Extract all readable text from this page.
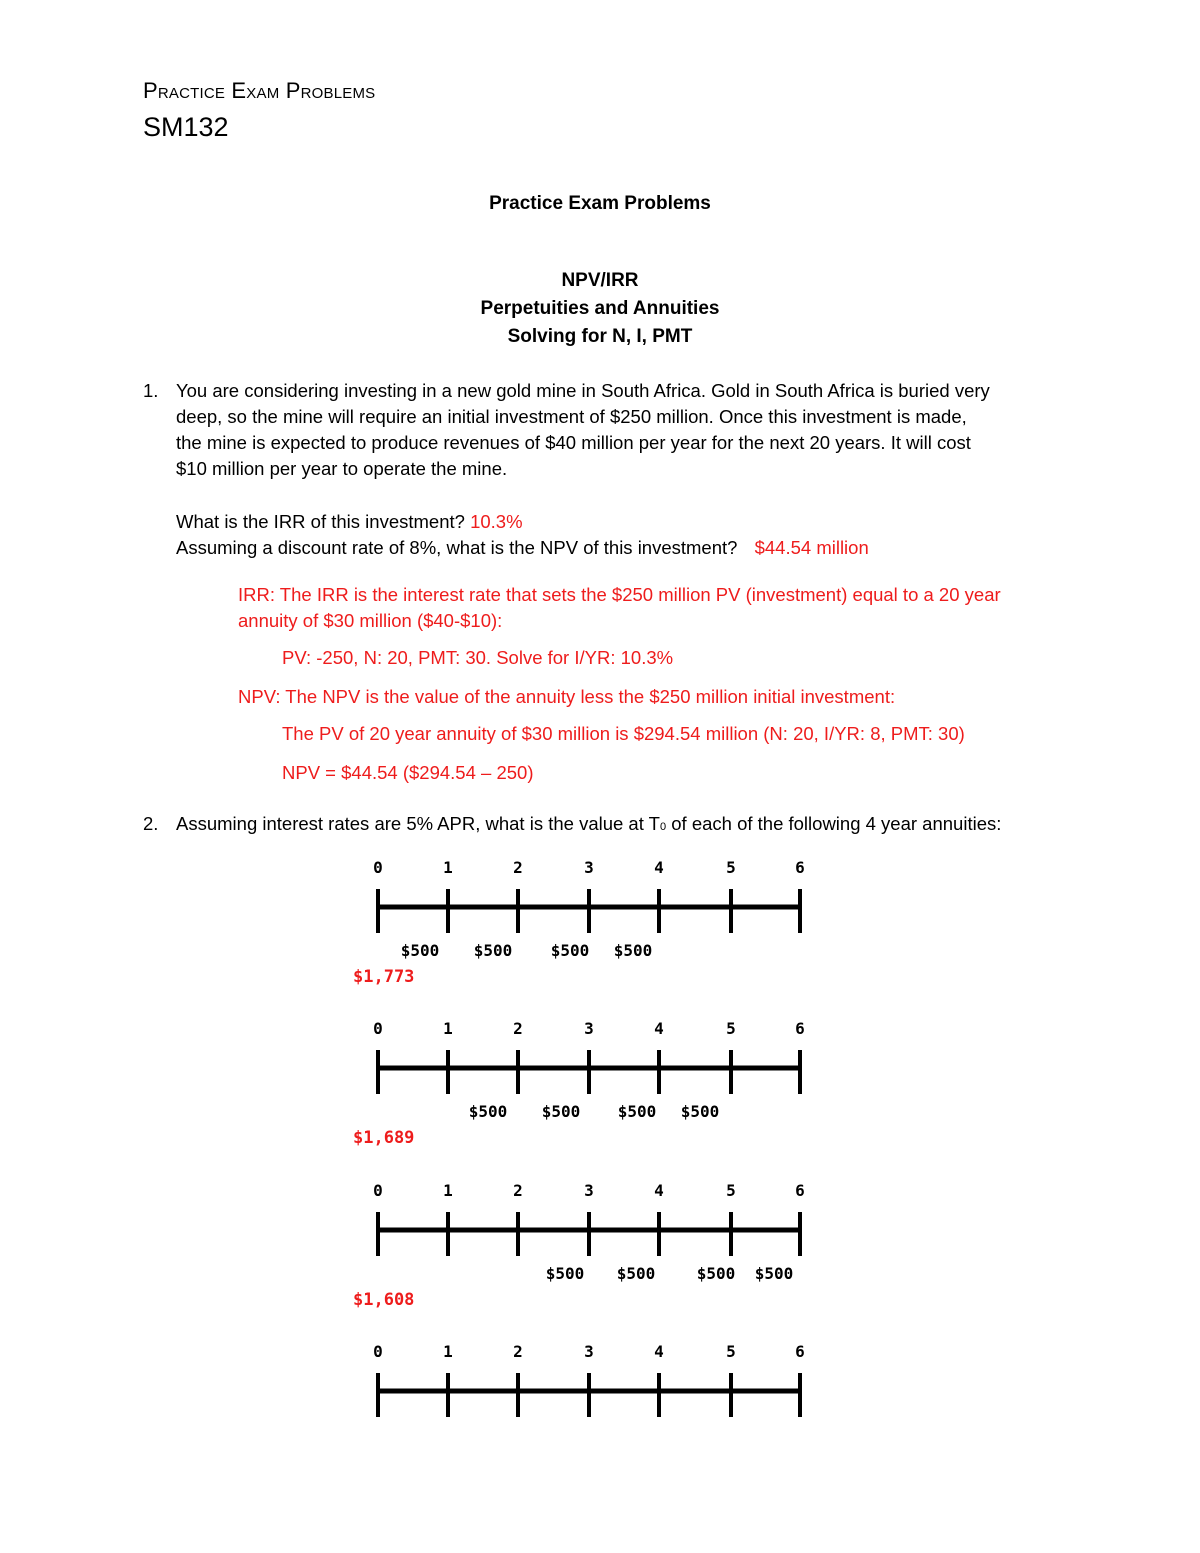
Practice Exam Problems
SM132
Practice Exam Problems
NPV/IRR
Perpetuities and Annuities
Solving for N, I, PMT
1. You are considering investing in a new gold mine in South Africa. Gold in South Africa is buried very
deep, so the mine will require an initial investment of $250 million. Once this investment is made,
the mine is expected to produce revenues of $40 million per year for the next 20 years. It will cost
$10 million per year to operate the mine.
What is the IRR of this investment? 10.3%
Assuming a discount rate of 8%, what is the NPV of this investment? $44.54 million
IRR: The IRR is the interest rate that sets the $250 million PV (investment) equal to a 20 year
annuity of $30 million ($40-$10):
PV: -250, N: 20, PMT: 30. Solve for I/YR: 10.3%
NPV: The NPV is the value of the annuity less the $250 million initial investment:
The PV of 20 year annuity of $30 million is $294.54 million (N: 20, I/YR: 8, PMT: 30)
NPV = $44.54 ($294.54 – 250)
2. Assuming interest rates are 5% APR, what is the value at T0 of each of the following 4 year annuities:
0	1	2	3	4	5	6
$500 $500 $500 $500
$1,773
0	1	2	3	4	5	6
$500 $500 $500 $500
$1,689
0	1	2	3	4	5	6
$500 $500	$500 $500
$1,608
0	1	2	3	4	5	6
